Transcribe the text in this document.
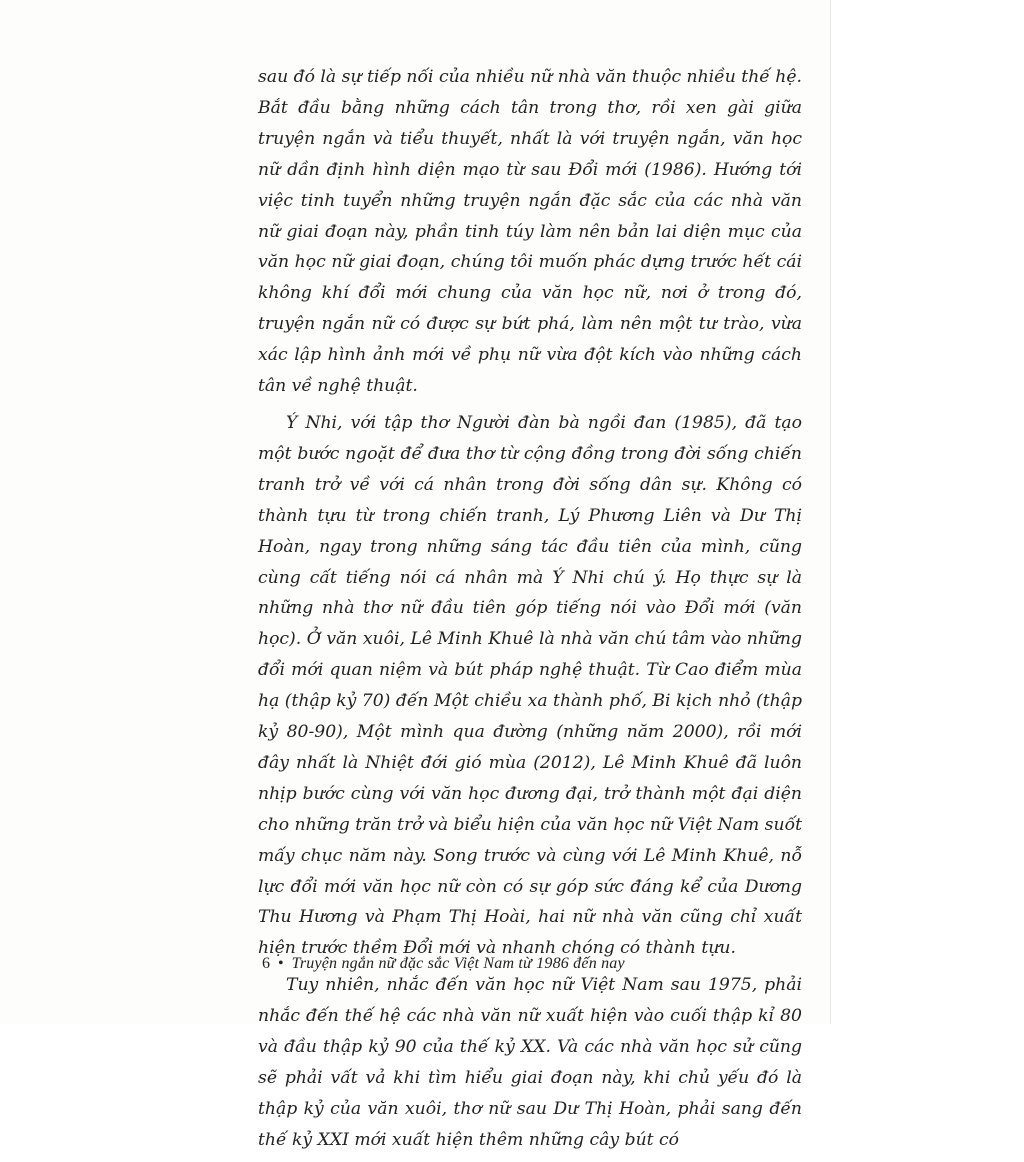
sau đó là sự tiếp nối của nhiều nữ nhà văn thuộc nhiều thế hệ. Bắt đầu bằng những cách tân trong thơ, rồi xen gài giữa truyện ngắn và tiểu thuyết, nhất là với truyện ngắn, văn học nữ dần định hình diện mạo từ sau Đổi mới (1986). Hướng tới việc tinh tuyển những truyện ngắn đặc sắc của các nhà văn nữ giai đoạn này, phần tinh túy làm nên bản lai diện mục của văn học nữ giai đoạn, chúng tôi muốn phác dựng trước hết cái không khí đổi mới chung của văn học nữ, nơi ở trong đó, truyện ngắn nữ có được sự bứt phá, làm nên một tư trào, vừa xác lập hình ảnh mới về phụ nữ vừa đột kích vào những cách tân về nghệ thuật.

Ý Nhi, với tập thơ Người đàn bà ngồi đan (1985), đã tạo một bước ngoặt để đưa thơ từ cộng đồng trong đời sống chiến tranh trở về với cá nhân trong đời sống dân sự. Không có thành tựu từ trong chiến tranh, Lý Phương Liên và Dư Thị Hoàn, ngay trong những sáng tác đầu tiên của mình, cũng cùng cất tiếng nói cá nhân mà Ý Nhi chú ý. Họ thực sự là những nhà thơ nữ đầu tiên góp tiếng nói vào Đổi mới (văn học). Ở văn xuôi, Lê Minh Khuê là nhà văn chú tâm vào những đổi mới quan niệm và bút pháp nghệ thuật. Từ Cao điểm mùa hạ (thập kỷ 70) đến Một chiều xa thành phố, Bi kịch nhỏ (thập kỷ 80-90), Một mình qua đường (những năm 2000), rồi mới đây nhất là Nhiệt đới gió mùa (2012), Lê Minh Khuê đã luôn nhịp bước cùng với văn học đương đại, trở thành một đại diện cho những trăn trở và biểu hiện của văn học nữ Việt Nam suốt mấy chục năm này. Song trước và cùng với Lê Minh Khuê, nỗ lực đổi mới văn học nữ còn có sự góp sức đáng kể của Dương Thu Hương và Phạm Thị Hoài, hai nữ nhà văn cũng chỉ xuất hiện trước thềm Đổi mới và nhanh chóng có thành tựu.

Tuy nhiên, nhắc đến văn học nữ Việt Nam sau 1975, phải nhắc đến thế hệ các nhà văn nữ xuất hiện vào cuối thập kỉ 80 và đầu thập kỷ 90 của thế kỷ XX. Và các nhà văn học sử cũng sẽ phải vất vả khi tìm hiểu giai đoạn này, khi chủ yếu đó là thập kỷ của văn xuôi, thơ nữ sau Dư Thị Hoàn, phải sang đến thế kỷ XXI mới xuất hiện thêm những cây bút có

6 • Truyện ngắn nữ đặc sắc Việt Nam từ 1986 đến nay
